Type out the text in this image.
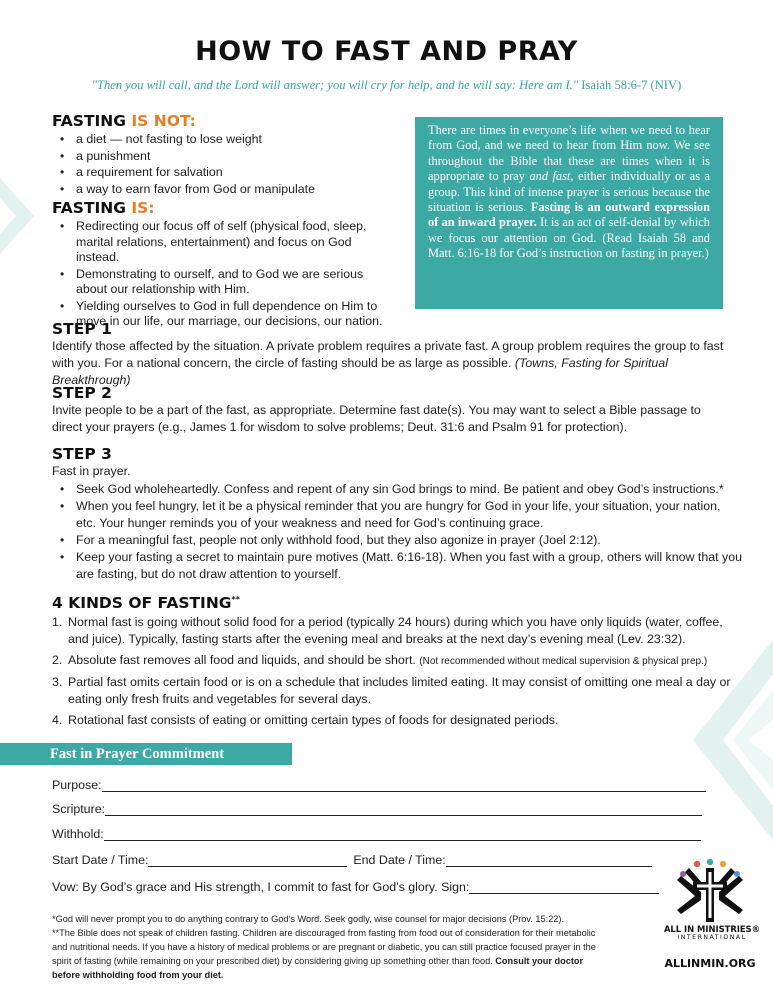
HOW TO FAST AND PRAY
"Then you will call, and the Lord will answer; you will cry for help, and he will say: Here am I." Isaiah 58:6-7 (NIV)
FASTING IS NOT:
• a diet — not fasting to lose weight
• a punishment
• a requirement for salvation
• a way to earn favor from God or manipulate
FASTING IS:
• Redirecting our focus off of self (physical food, sleep, marital relations, entertainment) and focus on God instead.
• Demonstrating to ourself, and to God we are serious about our relationship with Him.
• Yielding ourselves to God in full dependence on Him to move in our life, our marriage, our decisions, our nation.
There are times in everyone’s life when we need to hear from God, and we need to hear from Him now. We see throughout the Bible that these are times when it is appropriate to pray and fast, either individually or as a group. This kind of intense prayer is serious because the situation is serious. Fasting is an outward expression of an inward prayer. It is an act of self-denial by which we focus our attention on God. (Read Isaiah 58 and Matt. 6:16-18 for God’s instruction on fasting in prayer.)
STEP 1

Identify those affected by the situation. A private problem requires a private fast. A group problem requires the group to fast with you. For a national concern, the circle of fasting should be as large as possible. (Towns, Fasting for Spiritual Breakthrough)

STEP 2

Invite people to be a part of the fast, as appropriate. Determine fast date(s). You may want to select a Bible passage to direct your prayers (e.g., James 1 for wisdom to solve problems; Deut. 31:6 and Psalm 91 for protection).

STEP 3

Fast in prayer.

• Seek God wholeheartedly. Confess and repent of any sin God brings to mind. Be patient and obey God’s instructions.*
• When you feel hungry, let it be a physical reminder that you are hungry for God in your life, your situation, your nation, etc. Your hunger reminds you of your weakness and need for God’s continuing grace.
• For a meaningful fast, people not only withhold food, but they also agonize in prayer (Joel 2:12).
• Keep your fasting a secret to maintain pure motives (Matt. 6:16-18). When you fast with a group, others will know that you are fasting, but do not draw attention to yourself.
4 KINDS OF FASTING**
1. Normal fast is going without solid food for a period (typically 24 hours) during which you have only liquids (water, coffee, and juice). Typically, fasting starts after the evening meal and breaks at the next day’s evening meal (Lev. 23:32).
2. Absolute fast removes all food and liquids, and should be short. (Not recommended without medical supervision & physical prep.)
3. Partial fast omits certain food or is on a schedule that includes limited eating. It may consist of omitting one meal a day or eating only fresh fruits and vegetables for several days.
4. Rotational fast consists of eating or omitting certain types of foods for designated periods.
Fast in Prayer Commitment
Purpose:
Scripture:
Withhold:
Start Date / Time:	End Date / Time:
Vow: By God’s grace and His strength, I commit to fast for God’s glory. Sign:
*God will never prompt you to do anything contrary to God’s Word. Seek godly, wise counsel for major decisions (Prov. 15:22).
**The Bible does not speak of children fasting. Children are discouraged from fasting from food out of consideration for their metabolic and nutritional needs. If you have a history of medical problems or are pregnant or diabetic, you can still practice focused prayer in the spirit of fasting (while remaining on your prescribed diet) by considering giving up something other than food. Consult your doctor before withholding food from your diet.
ALL IN MINISTRIES®
INTERNATIONAL
ALLINMIN.ORG
